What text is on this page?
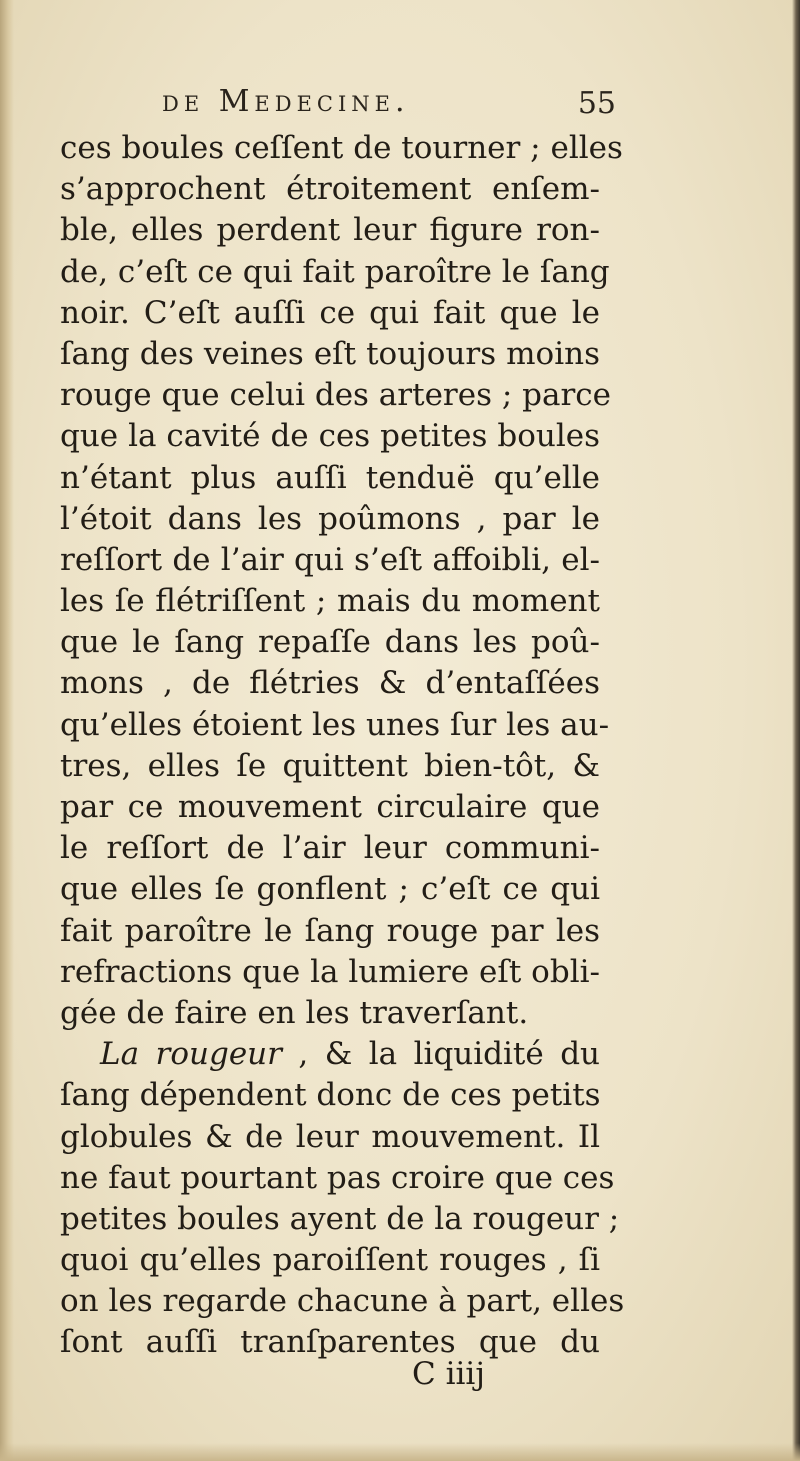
de Medecine.	55
ces boules ceſſent de tourner ; elles
s’approchent étroitement enſem-
ble, elles perdent leur figure ron-
de, c’eſt ce qui fait paroître le ſang
noir. C’eſt auſſi ce qui fait que le
ſang des veines eſt toujours moins
rouge que celui des arteres ; parce
que la cavité de ces petites boules
n’étant plus auſſi tenduë qu’elle
l’étoit dans les poûmons , par le
reſſort de l’air qui s’eſt affoibli, el-
les ſe flétriſſent ; mais du moment
que le ſang repaſſe dans les poû-
mons , de flétries & d’entaſſées
qu’elles étoient les unes ſur les au-
tres, elles ſe quittent bien-tôt, &
par ce mouvement circulaire que
le reſſort de l’air leur communi-
que elles ſe gonflent ; c’eſt ce qui
fait paroître le ſang rouge par les
refractions que la lumiere eſt obli-
gée de faire en les traverſant.
La rougeur , & la liquidité du
ſang dépendent donc de ces petits
globules & de leur mouvement. Il
ne faut pourtant pas croire que ces
petites boules ayent de la rougeur ;
quoi qu’elles paroiſſent rouges , ſi
on les regarde chacune à part, elles
ſont auſſi tranſparentes que du
C iiij
